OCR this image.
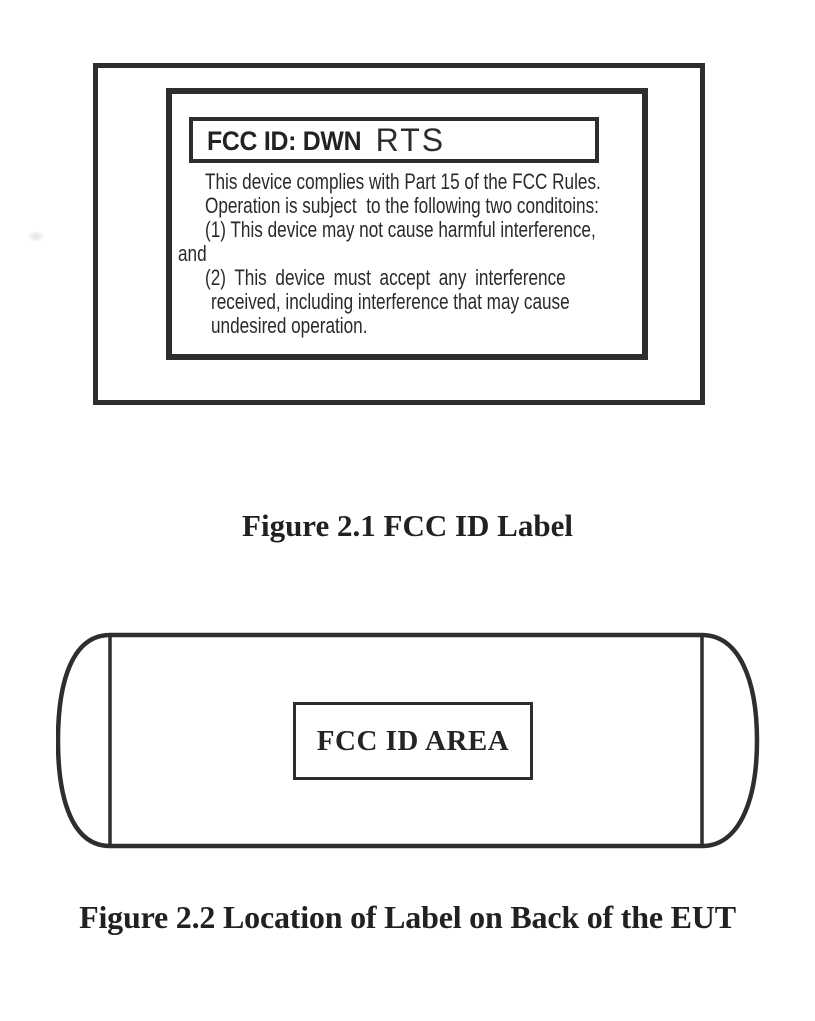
FCC ID: DWN RTS
This device complies with Part 15 of the FCC Rules.
Operation is subject  to the following two conditoins:
(1) This device may not cause harmful interference,
and
(2) This device must accept any interference
received, including interference that may cause
undesired operation.
Figure 2.1 FCC ID Label
FCC ID AREA
Figure 2.2 Location of Label on Back of the EUT
